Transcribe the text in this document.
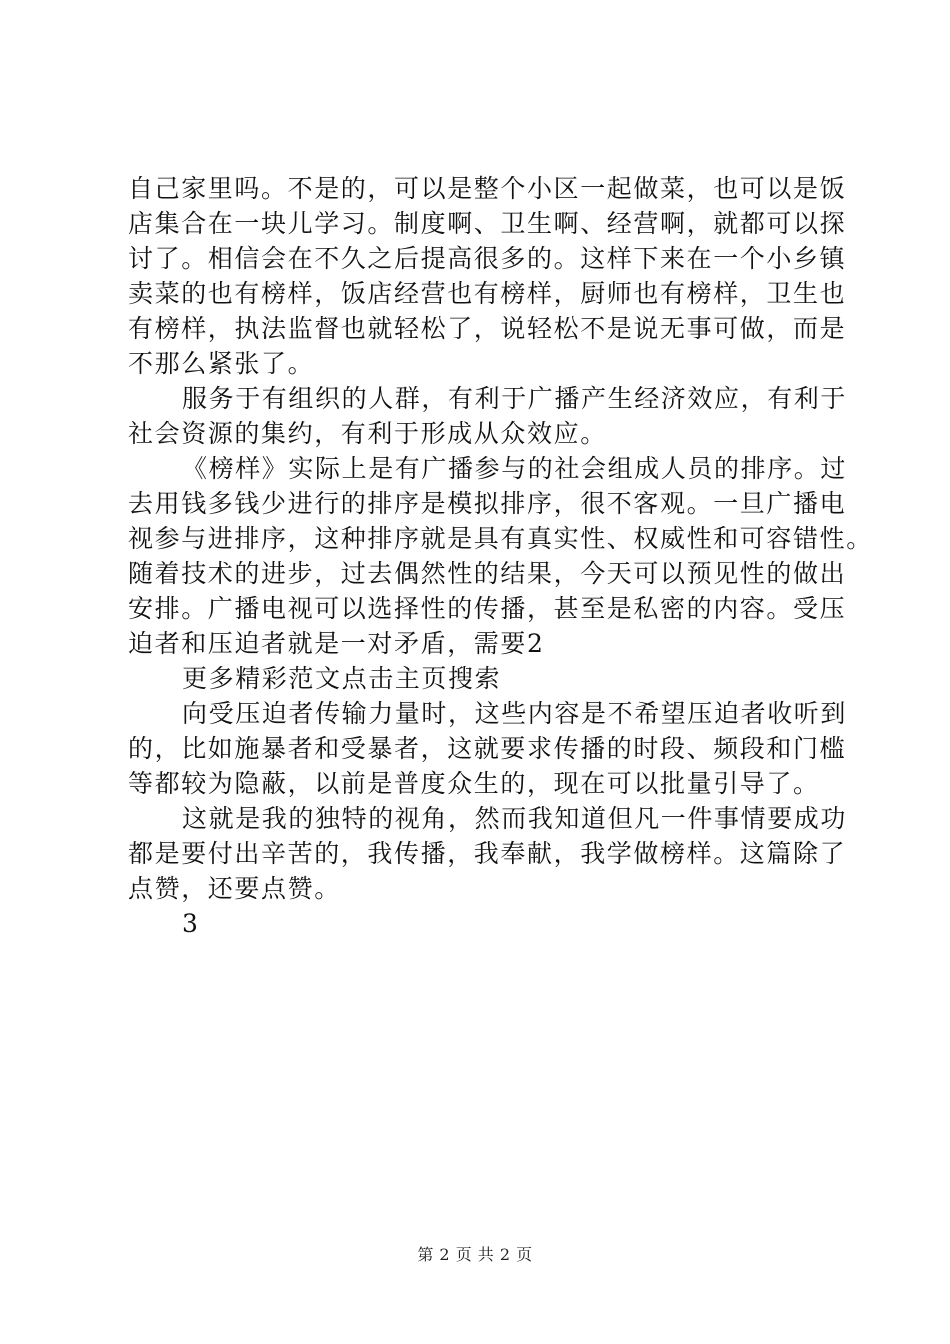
自己家里吗。不是的，可以是整个小区一起做菜，也可以是饭
店集合在一块儿学习。制度啊、卫生啊、经营啊，就都可以探
讨了。相信会在不久之后提高很多的。这样下来在一个小乡镇
卖菜的也有榜样，饭店经营也有榜样，厨师也有榜样，卫生也
有榜样，执法监督也就轻松了，说轻松不是说无事可做，而是
不那么紧张了。
服务于有组织的人群，有利于广播产生经济效应，有利于
社会资源的集约，有利于形成从众效应。
《榜样》实际上是有广播参与的社会组成人员的排序。过
去用钱多钱少进行的排序是模拟排序，很不客观。一旦广播电
视参与进排序，这种排序就是具有真实性、权威性和可容错性。
随着技术的进步，过去偶然性的结果，今天可以预见性的做出
安排。广播电视可以选择性的传播，甚至是私密的内容。受压
迫者和压迫者就是一对矛盾，需要2
更多精彩范文点击主页搜索
向受压迫者传输力量时，这些内容是不希望压迫者收听到
的，比如施暴者和受暴者，这就要求传播的时段、频段和门槛
等都较为隐蔽，以前是普度众生的，现在可以批量引导了。
这就是我的独特的视角，然而我知道但凡一件事情要成功
都是要付出辛苦的，我传播，我奉献，我学做榜样。这篇除了
点赞，还要点赞。
3
第 2 页 共 2 页
